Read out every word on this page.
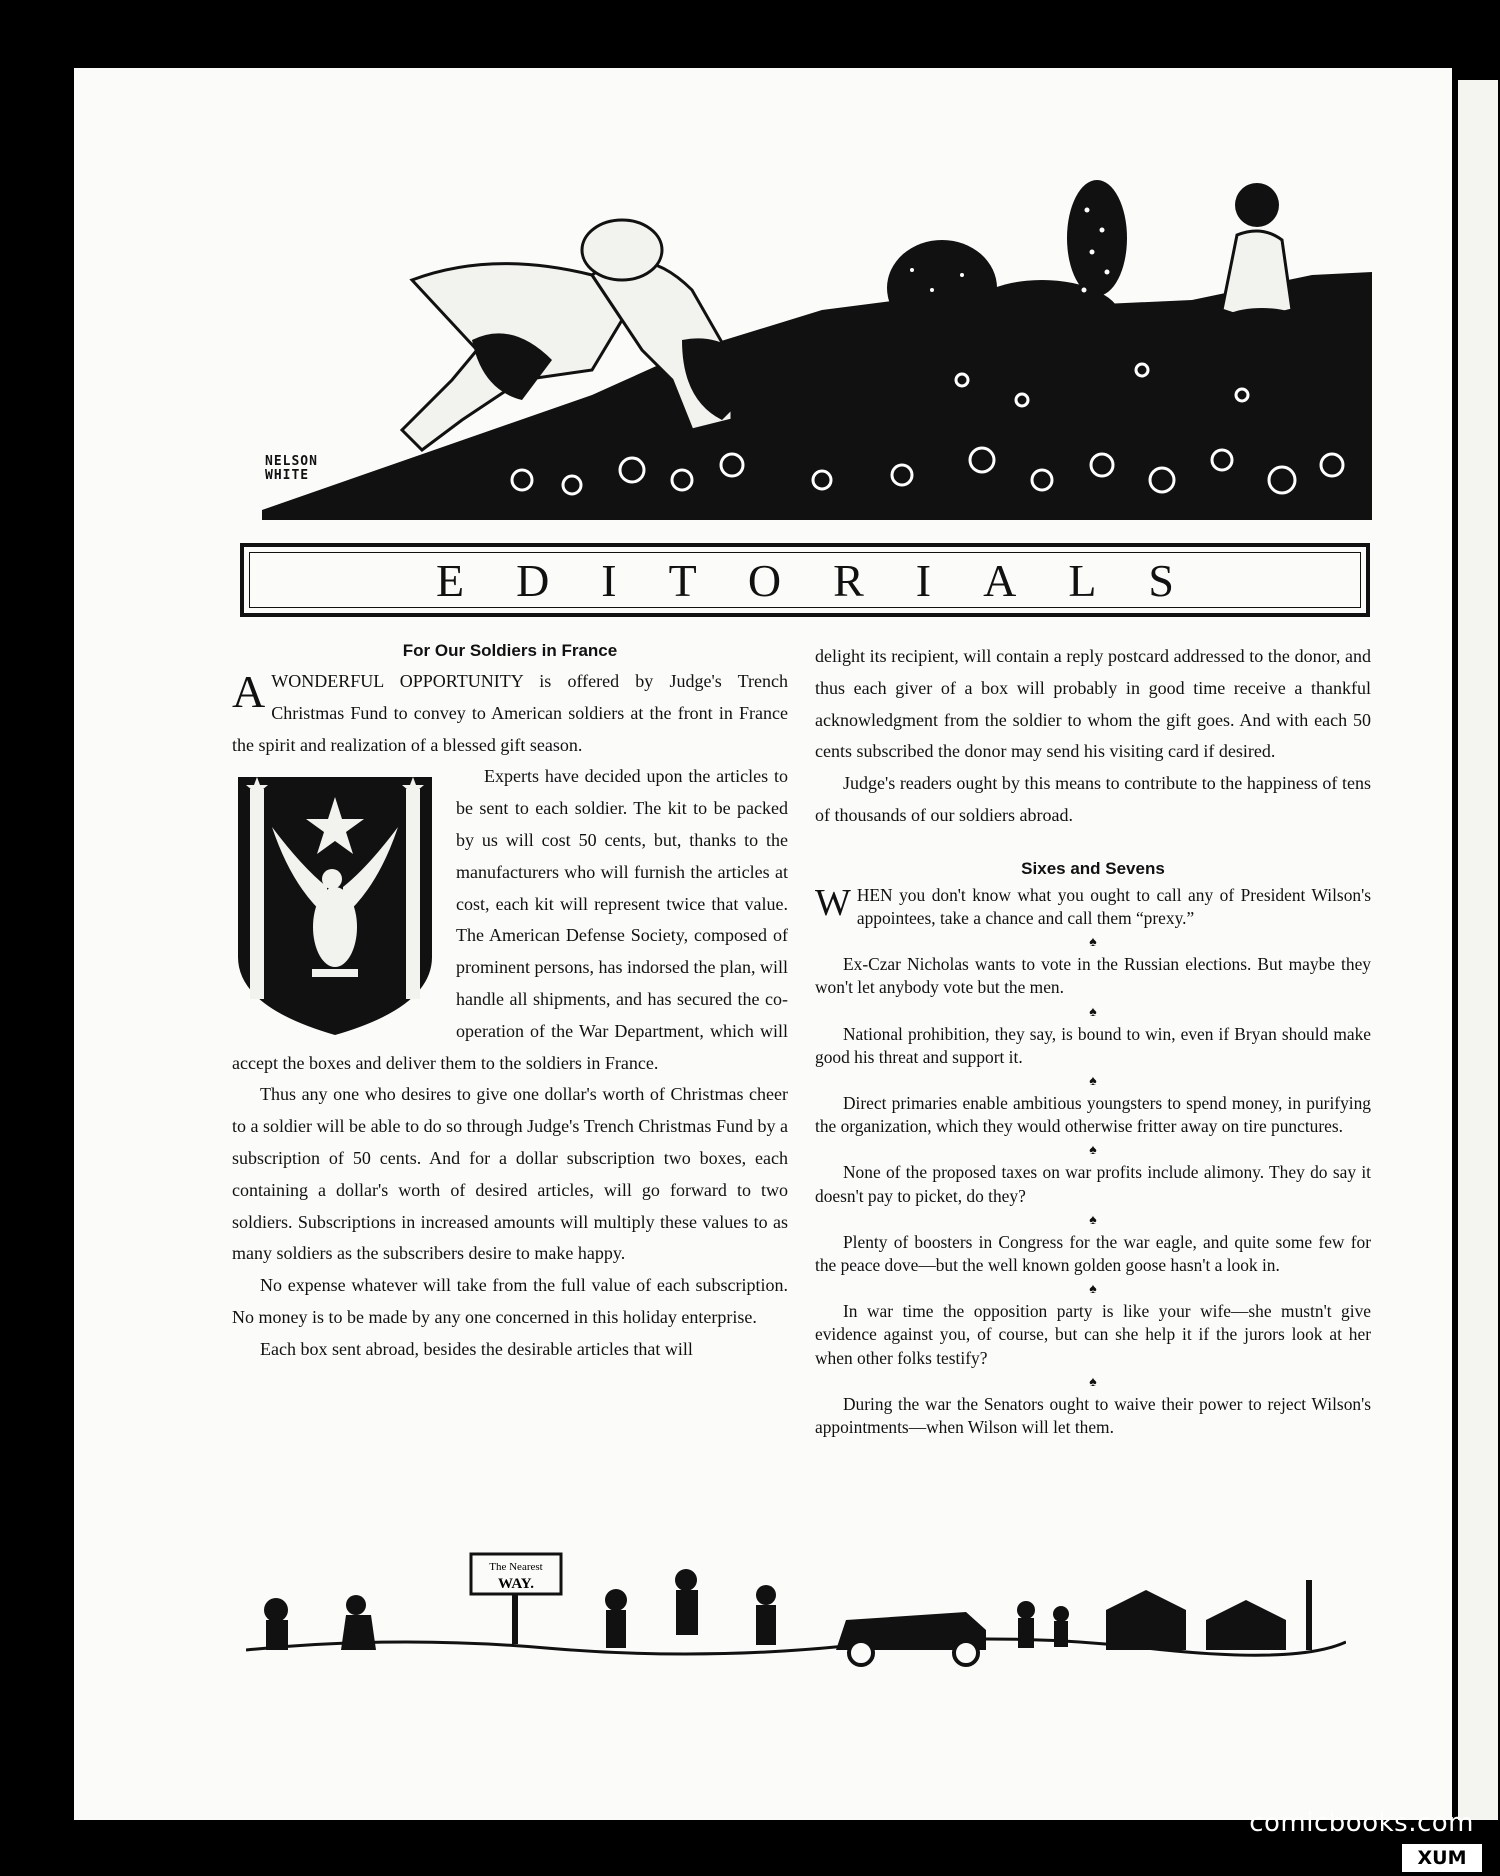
NELSON
WHITE
EDITORIALS
For Our Soldiers in France

A WONDERFUL OPPORTUNITY is offered by Judge's Trench Christmas Fund to convey to American soldiers at the front in France the spirit and realization of a blessed gift season.

Experts have decided upon the articles to be sent to each soldier. The kit to be packed by us will cost 50 cents, but, thanks to the manufacturers who will furnish the articles at cost, each kit will represent twice that value. The American Defense Society, composed of prominent persons, has indorsed the plan, will handle all shipments, and has secured the co-operation of the War Department, which will accept the boxes and deliver them to the soldiers in France.

Thus any one who desires to give one dollar's worth of Christmas cheer to a soldier will be able to do so through Judge's Trench Christmas Fund by a subscription of 50 cents. And for a dollar subscription two boxes, each containing a dollar's worth of desired articles, will go forward to two soldiers. Subscriptions in increased amounts will multiply these values to as many soldiers as the subscribers desire to make happy.

No expense whatever will take from the full value of each subscription. No money is to be made by any one concerned in this holiday enterprise.

Each box sent abroad, besides the desirable articles that will

delight its recipient, will contain a reply postcard addressed to the donor, and thus each giver of a box will probably in good time receive a thankful acknowledgment from the soldier to whom the gift goes. And with each 50 cents subscribed the donor may send his visiting card if desired.

Judge's readers ought by this means to contribute to the happiness of tens of thousands of our soldiers abroad.

Sixes and Sevens

WHEN you don't know what you ought to call any of President Wilson's appointees, take a chance and call them “prexy.”

♠

Ex-Czar Nicholas wants to vote in the Russian elections. But maybe they won't let anybody vote but the men.

♠

National prohibition, they say, is bound to win, even if Bryan should make good his threat and support it.

♠

Direct primaries enable ambitious youngsters to spend money, in purifying the organization, which they would otherwise fritter away on tire punctures.

♠

None of the proposed taxes on war profits include alimony. They do say it doesn't pay to picket, do they?

♠

Plenty of boosters in Congress for the war eagle, and quite some few for the peace dove—but the well known golden goose hasn't a look in.

♠

In war time the opposition party is like your wife—she mustn't give evidence against you, of course, but can she help it if the jurors look at her when other folks testify?

♠

During the war the Senators ought to waive their power to reject Wilson's appointments—when Wilson will let them.

The Nearest
WAY.
comicbooks.com
XUM
